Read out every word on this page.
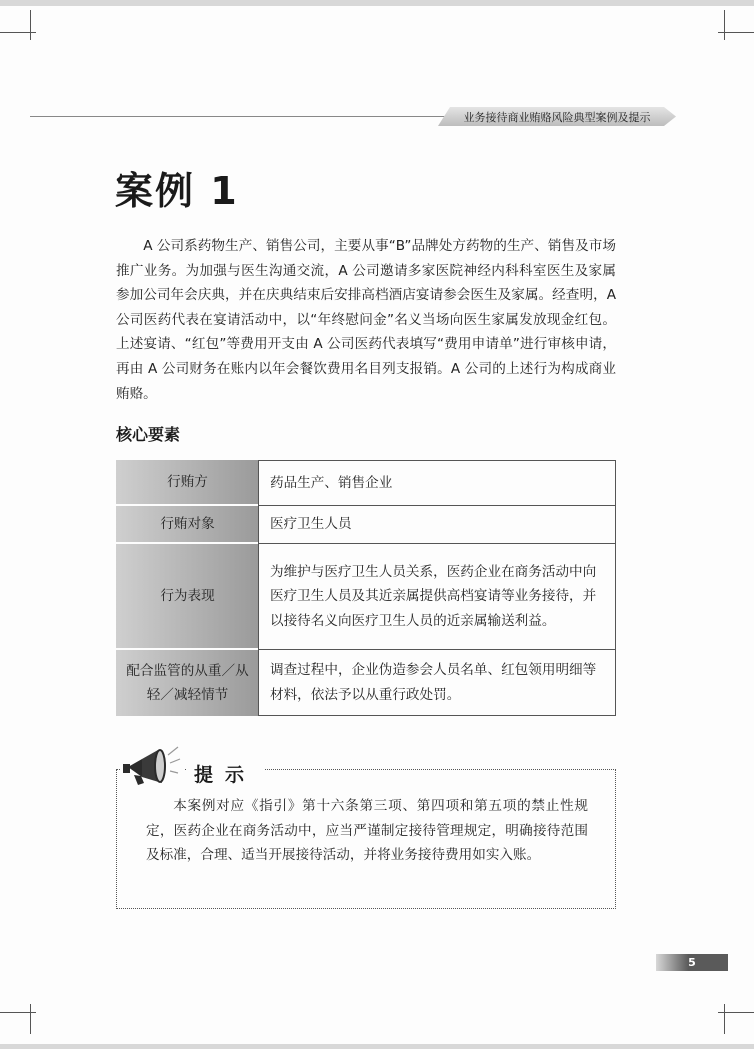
业务接待商业贿赂风险典型案例及提示
案例 1
A 公司系药物生产、销售公司，主要从事“B”品牌处方药物的生产、销售及市场推广业务。为加强与医生沟通交流，A 公司邀请多家医院神经内科科室医生及家属参加公司年会庆典，并在庆典结束后安排高档酒店宴请参会医生及家属。经查明，A 公司医药代表在宴请活动中，以“年终慰问金”名义当场向医生家属发放现金红包。上述宴请、“红包”等费用开支由 A 公司医药代表填写“费用申请单”进行审核申请，再由 A 公司财务在账内以年会餐饮费用名目列支报销。A 公司的上述行为构成商业贿赂。
核心要素
行贿方	药品生产、销售企业
行贿对象	医疗卫生人员
行为表现
为维护与医疗卫生人员关系，医药企业在商务活动中向医疗卫生人员及其近亲属提供高档宴请等业务接待，并以接待名义向医疗卫生人员的近亲属输送利益。
配合监管的从重／从轻／减轻情节
调查过程中，企业伪造参会人员名单、红包领用明细等材料，依法予以从重行政处罚。
提示
本案例对应《指引》第十六条第三项、第四项和第五项的禁止性规定，医药企业在商务活动中，应当严谨制定接待管理规定，明确接待范围及标准，合理、适当开展接待活动，并将业务接待费用如实入账。
5
